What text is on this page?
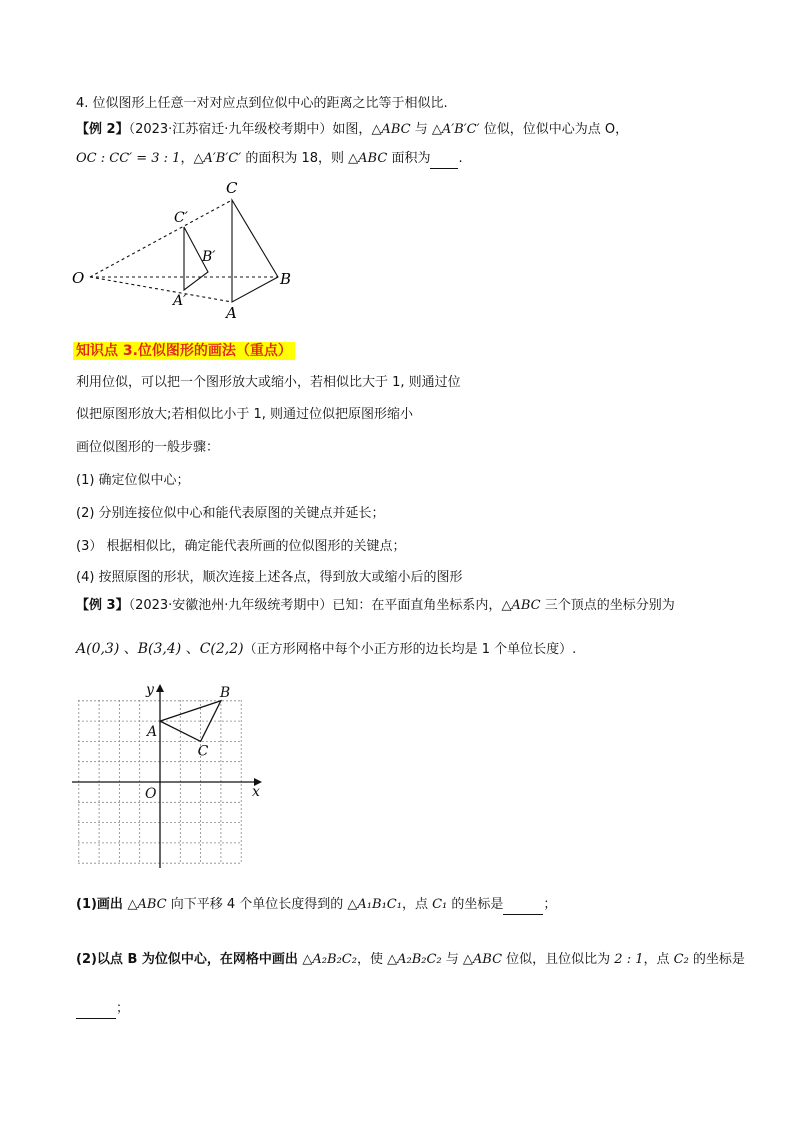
4. 位似图形上任意一对对应点到位似中心的距离之比等于相似比.
【例 2】（2023·江苏宿迁·九年级校考期中）如图，△ABC 与 △A′B′C′ 位似，位似中心为点 O，
OC : CC′ = 3 : 1，△A′B′C′ 的面积为 18，则 △ABC 面积为 .
O
C
B
A
C′
B′
A′
知识点 3.位似图形的画法（重点）
利用位似，可以把一个图形放大或缩小，若相似比大于 1, 则通过位
似把原图形放大;若相似比小于 1, 则通过位似把原图形缩小
画位似图形的一般步骤：
(1) 确定位似中心；
(2) 分别连接位似中心和能代表原图的关键点并延长；
(3） 根据相似比，确定能代表所画的位似图形的关键点；
(4) 按照原图的形状，顺次连接上述各点，得到放大或缩小后的图形
【例 3】（2023·安徽池州·九年级统考期中）已知：在平面直角坐标系内，△ABC 三个顶点的坐标分别为
A(0,3) 、B(3,4) 、C(2,2)（正方形网格中每个小正方形的边长均是 1 个单位长度）.
x
y
O
A
B
C
(1)画出 △ABC 向下平移 4 个单位长度得到的 △A₁B₁C₁，点 C₁ 的坐标是	；
(2)以点 B 为位似中心，在网格中画出 △A₂B₂C₂，使 △A₂B₂C₂ 与 △ABC 位似，且位似比为 2 : 1，点 C₂ 的坐标是
；
